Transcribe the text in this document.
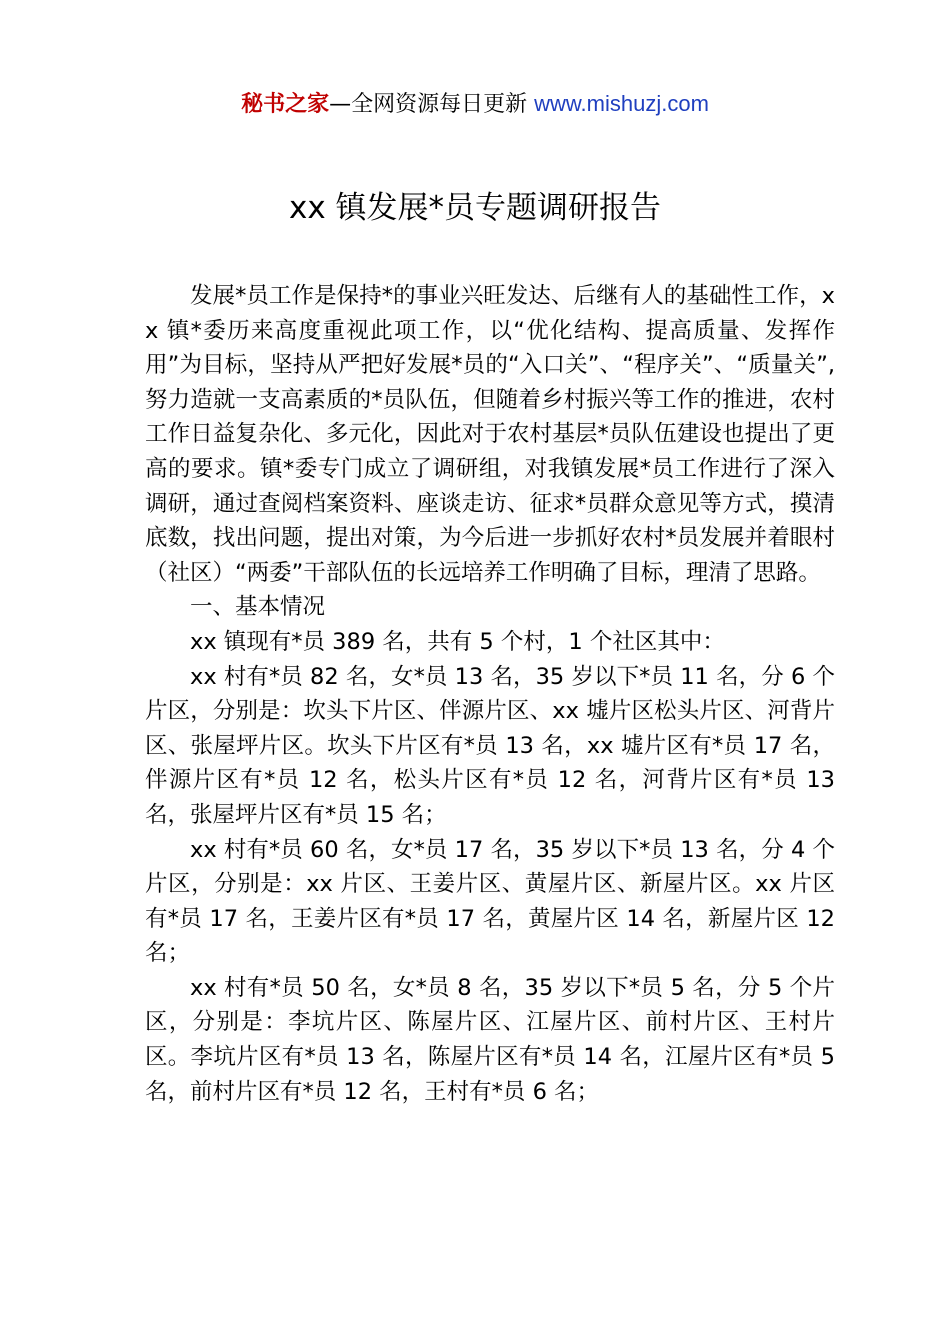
秘书之家—全网资源每日更新 www.mishuzj.com
xx 镇发展*员专题调研报告

发展*员工作是保持*的事业兴旺发达、后继有人的基础性工作，xx 镇*委历来高度重视此项工作，以“优化结构、提高质量、发挥作用”为目标，坚持从严把好发展*员的“入口关”、“程序关”、“质量关”,努力造就一支高素质的*员队伍，但随着乡村振兴等工作的推进，农村工作日益复杂化、多元化，因此对于农村基层*员队伍建设也提出了更高的要求。镇*委专门成立了调研组，对我镇发展*员工作进行了深入调研，通过查阅档案资料、座谈走访、征求*员群众意见等方式，摸清底数，找出问题，提出对策，为今后进一步抓好农村*员发展并着眼村（社区）“两委”干部队伍的长远培养工作明确了目标，理清了思路。

一、基本情况

xx 镇现有*员 389 名，共有 5 个村，1 个社区其中：

xx 村有*员 82 名，女*员 13 名，35 岁以下*员 11 名，分 6 个片区，分别是：坎头下片区、伴源片区、xx 墟片区松头片区、河背片区、张屋坪片区。坎头下片区有*员 13 名，xx 墟片区有*员 17 名，伴源片区有*员 12 名，松头片区有*员 12 名，河背片区有*员 13 名，张屋坪片区有*员 15 名；

xx 村有*员 60 名，女*员 17 名，35 岁以下*员 13 名，分 4 个片区，分别是：xx 片区、王姜片区、黄屋片区、新屋片区。xx 片区有*员 17 名，王姜片区有*员 17 名，黄屋片区 14 名，新屋片区 12 名；

xx 村有*员 50 名，女*员 8 名，35 岁以下*员 5 名，分 5 个片区，分别是：李坑片区、陈屋片区、江屋片区、前村片区、王村片区。李坑片区有*员 13 名，陈屋片区有*员 14 名，江屋片区有*员 5 名，前村片区有*员 12 名，王村有*员 6 名；
